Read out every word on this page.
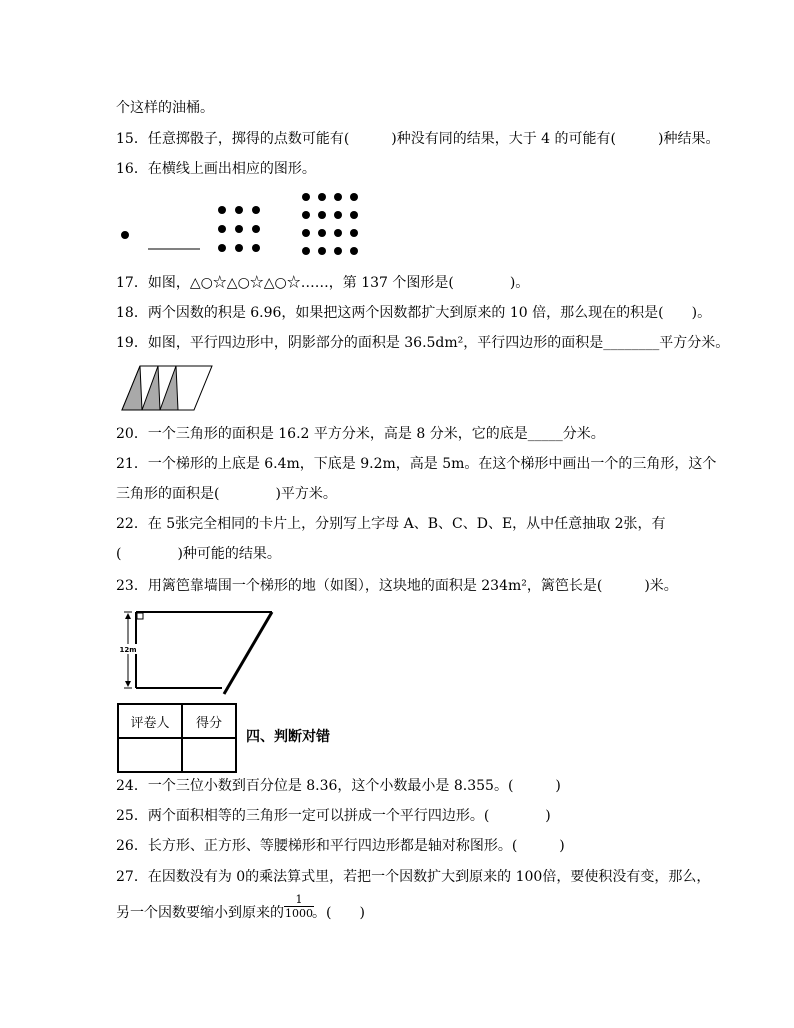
个这样的油桶。
15．任意掷骰子，掷得的点数可能有(　　　)种没有同的结果，大于 4 的可能有(　　　)种结果。
16．在横线上画出相应的图形。
17．如图，△○☆△○☆△○☆……，第 137 个图形是(　　　　)。
18．两个因数的积是 6.96，如果把这两个因数都扩大到原来的 10 倍，那么现在的积是(　　)。
19．如图，平行四边形中，阴影部分的面积是 36.5dm²，平行四边形的面积是________平方分米。
20．一个三角形的面积是 16.2 平方分米，高是 8 分米，它的底是_____分米。
21．一个梯形的上底是 6.4m，下底是 9.2m，高是 5m。在这个梯形中画出一个的三角形，这个
三角形的面积是(　　　　)平方米。
22．在 5张完全相同的卡片上，分别写上字母 A、B、C、D、E，从中任意抽取 2张，有
(　　　　)种可能的结果。
23．用篱笆靠墙围一个梯形的地（如图），这块地的面积是 234m²，篱笆长是(　　　)米。
12m
评卷人	得分

四、判断对错
24．一个三位小数到百分位是 8.36，这个小数最小是 8.355。(　　　)
25．两个面积相等的三角形一定可以拼成一个平行四边形。(　　　　)
26．长方形、正方形、等腰梯形和平行四边形都是轴对称图形。(　　　)
27．在因数没有为 0的乘法算式里，若把一个因数扩大到原来的 100倍，要使积没有变，那么，
另一个因数要缩小到原来的
1
1000 。(　　)
